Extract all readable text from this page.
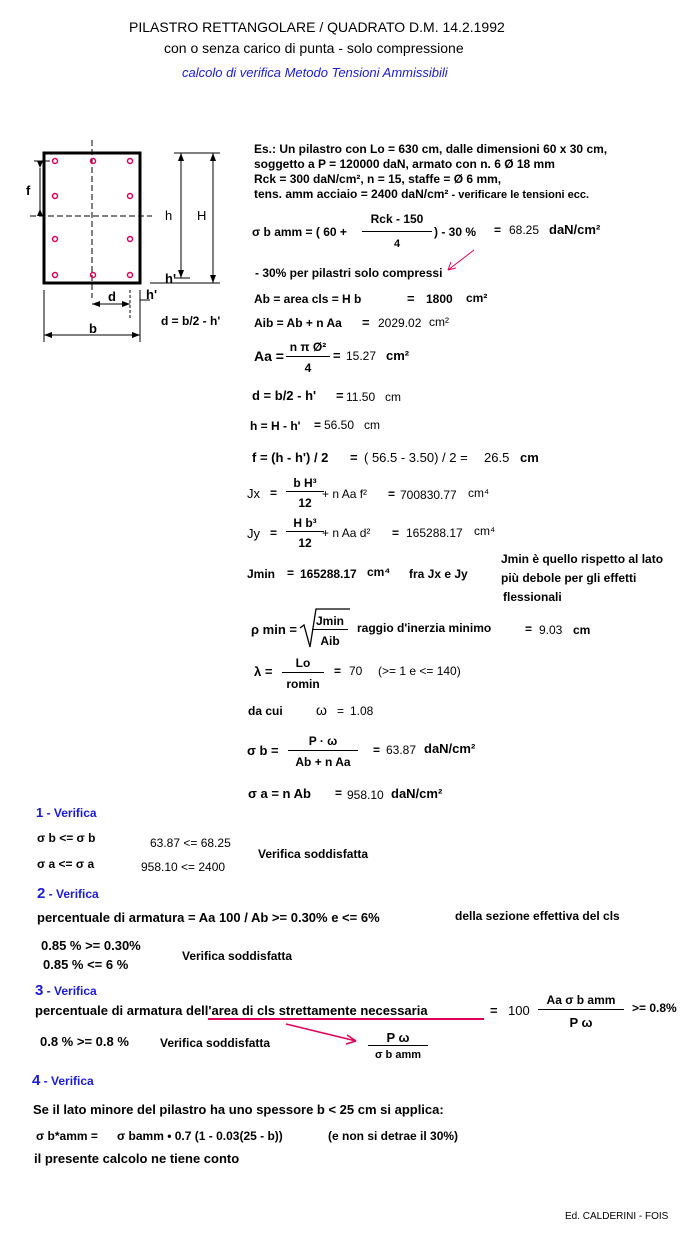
PILASTRO RETTANGOLARE / QUADRATO D.M. 14.2.1992
con o senza carico di punta - solo compressione
calcolo di verifica Metodo Tensioni Ammissibili
f
h H
h'
d h'
b	d = b/2 - h'
Es.: Un pilastro con Lo = 630 cm, dalle dimensioni 60 x 30 cm,
soggetto a P = 120000 daN, armato con n. 6 Ø 18 mm
Rck = 300 daN/cm², n = 15, staffe = Ø 6 mm,
tens. amm acciaio = 2400 daN/cm² - verificare le tensioni ecc.
σ b amm = ( 60 +
Rck - 150
4
) - 30 % = 68.25 daN/cm²
- 30% per pilastri solo compressi
Ab = area cls = H b	= 1800 cm²
Aib = Ab + n Aa = 2029.02 cm²
Aa =
n π Ø²
4
= 15.27 cm²
d = b/2 - h' = 11.50 cm
h = H - h' = 56.50 cm
f = (h - h') / 2 = ( 56.5 - 3.50) / 2 = 26.5 cm
Jx =
b H³
12
+ n Aa f² = 700830.77 cm⁴
Jy =
H b³
12
+ n Aa d² = 165288.17 cm⁴
Jmin = 165288.17 cm⁴ fra Jx e Jy
Jmin è quello rispetto al lato
più debole per gli effetti
flessionali
ρ min =
Jmin
Aib
raggio d'inerzia minimo	= 9.03 cm
λ =
Lo
romin
= 70 (>= 1 e <= 140)
da cui ω = 1.08
σ b =
P · ω
Ab + n Aa
= 63.87 daN/cm²
σ a = n Ab = 958.10 daN/cm²
1 - Verifica
σ b <= σ b	63.87 <= 68.25
σ a <= σ a	958.10 <= 2400
Verifica soddisfatta
2 - Verifica
percentuale di armatura = Aa 100 / Ab >= 0.30% e <= 6%	della sezione effettiva del cls
0.85 % >= 0.30%
0.85 % <= 6 %
Verifica soddisfatta
3 - Verifica
percentuale di armatura dell'area di cls strettamente necessaria	= 100
Aa σ b amm
P ω
>= 0.8%
0.8 % >= 0.8 %	Verifica soddisfatta	P ω
σ b amm
4 - Verifica
Se il lato minore del pilastro ha uno spessore b < 25 cm si applica:
σ b*amm = σ bamm • 0.7 (1 - 0.03(25 - b))	(e non si detrae il 30%)
il presente calcolo ne tiene conto
Ed. CALDERINI - FOIS
